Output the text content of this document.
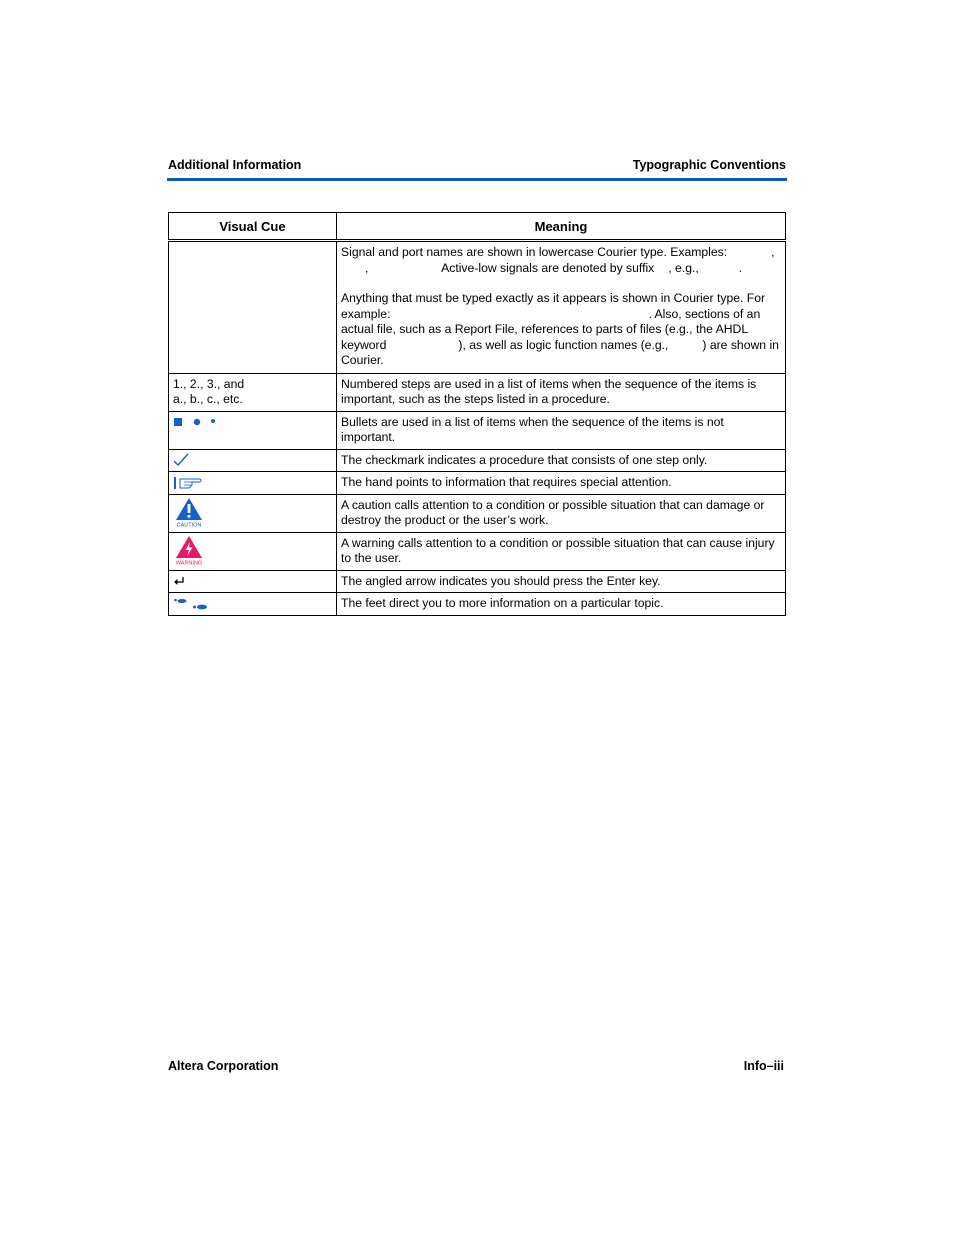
Additional Information	Typographic Conventions
Visual Cue	Meaning

	Signal and port names are shown in lowercase Courier type. Examples: ,
, Active-low signals are denoted by suffix , e.g., .
Anything that must be typed exactly as it appears is shown in Courier type. For example: . Also, sections of an actual file, such as a Report File, references to parts of files (e.g., the AHDL keyword ), as well as logic function names (e.g., ) are shown in Courier.

1., 2., 3., and
a., b., c., etc.	Numbered steps are used in a list of items when the sequence of the items is important, such as the steps listed in a procedure.
	Bullets are used in a list of items when the sequence of the items is not important.
	The checkmark indicates a procedure that consists of one step only.
	The hand points to information that requires special attention.

CAUTION	A caution calls attention to a condition or possible situation that can damage or destroy the product or the user’s work.

WARNING	A warning calls attention to a condition or possible situation that can cause injury to the user.
	The angled arrow indicates you should press the Enter key.
	The feet direct you to more information on a particular topic.
Altera Corporation	Info–iii
